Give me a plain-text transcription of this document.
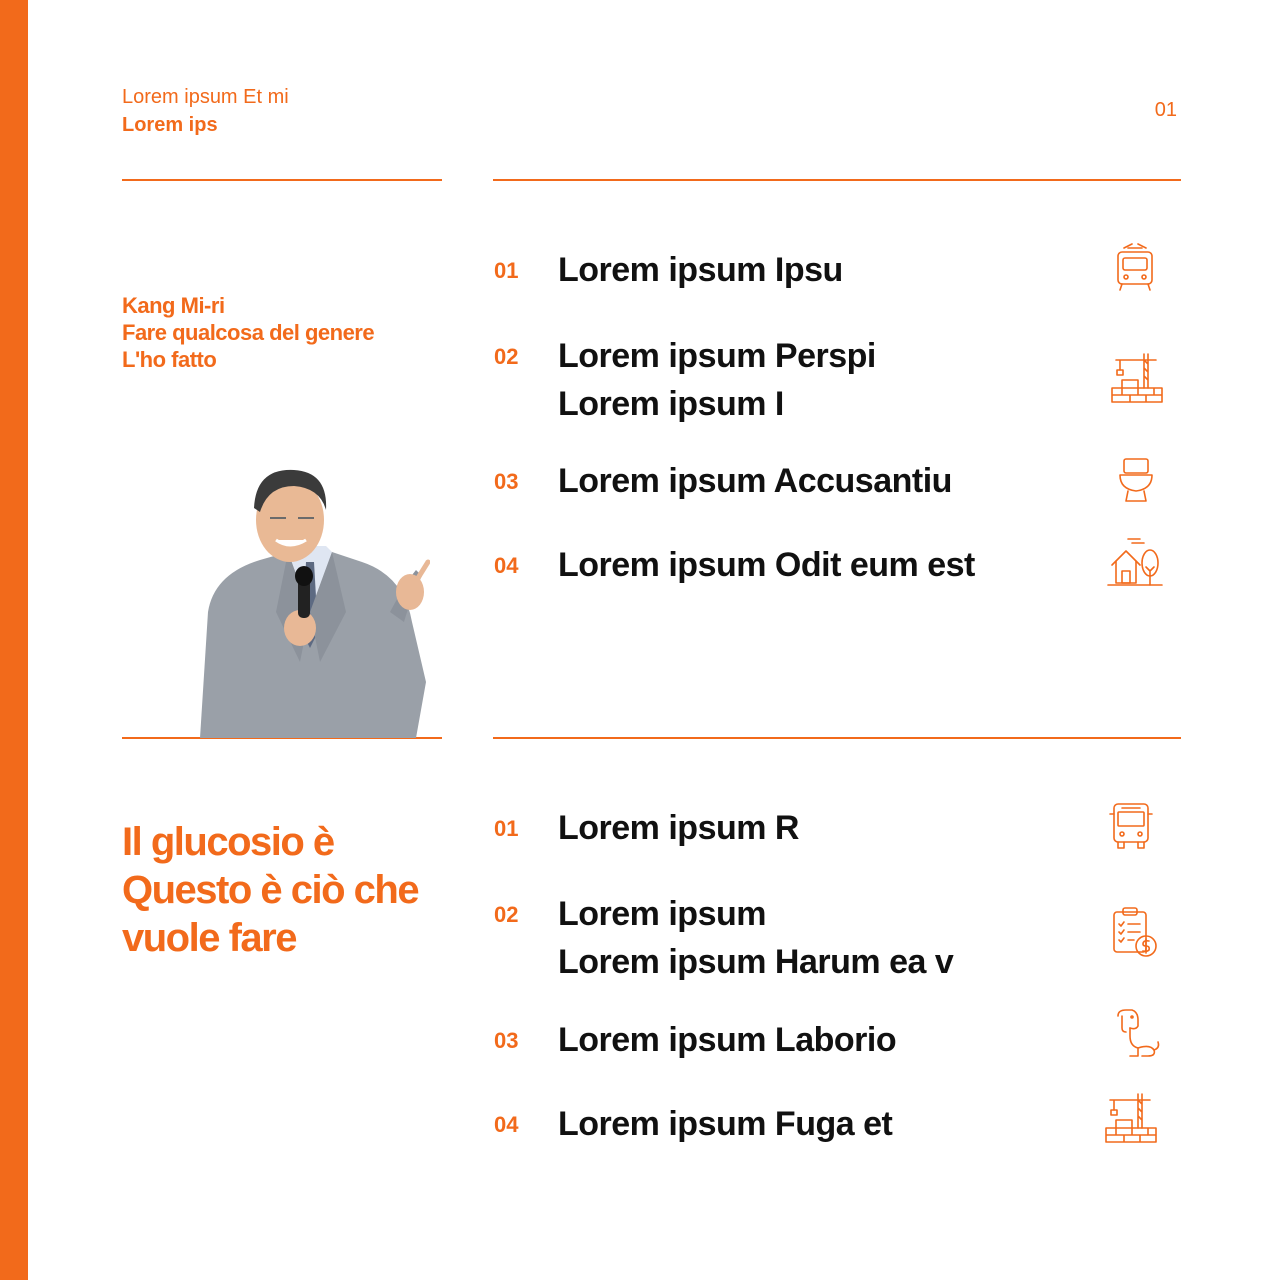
Lorem ipsum Et mi
Lorem ips
01
Kang Mi-ri
Fare qualcosa del genere
L'ho fatto
Il glucosio è
Questo è ciò che
vuole fare
01 Lorem ipsum Ipsu
02 Lorem ipsum Perspi
Lorem ipsum I
03 Lorem ipsum Accusantiu
04 Lorem ipsum Odit eum est
01 Lorem ipsum R
02 Lorem ipsum
Lorem ipsum Harum ea v
03 Lorem ipsum Laborio
04 Lorem ipsum Fuga et
